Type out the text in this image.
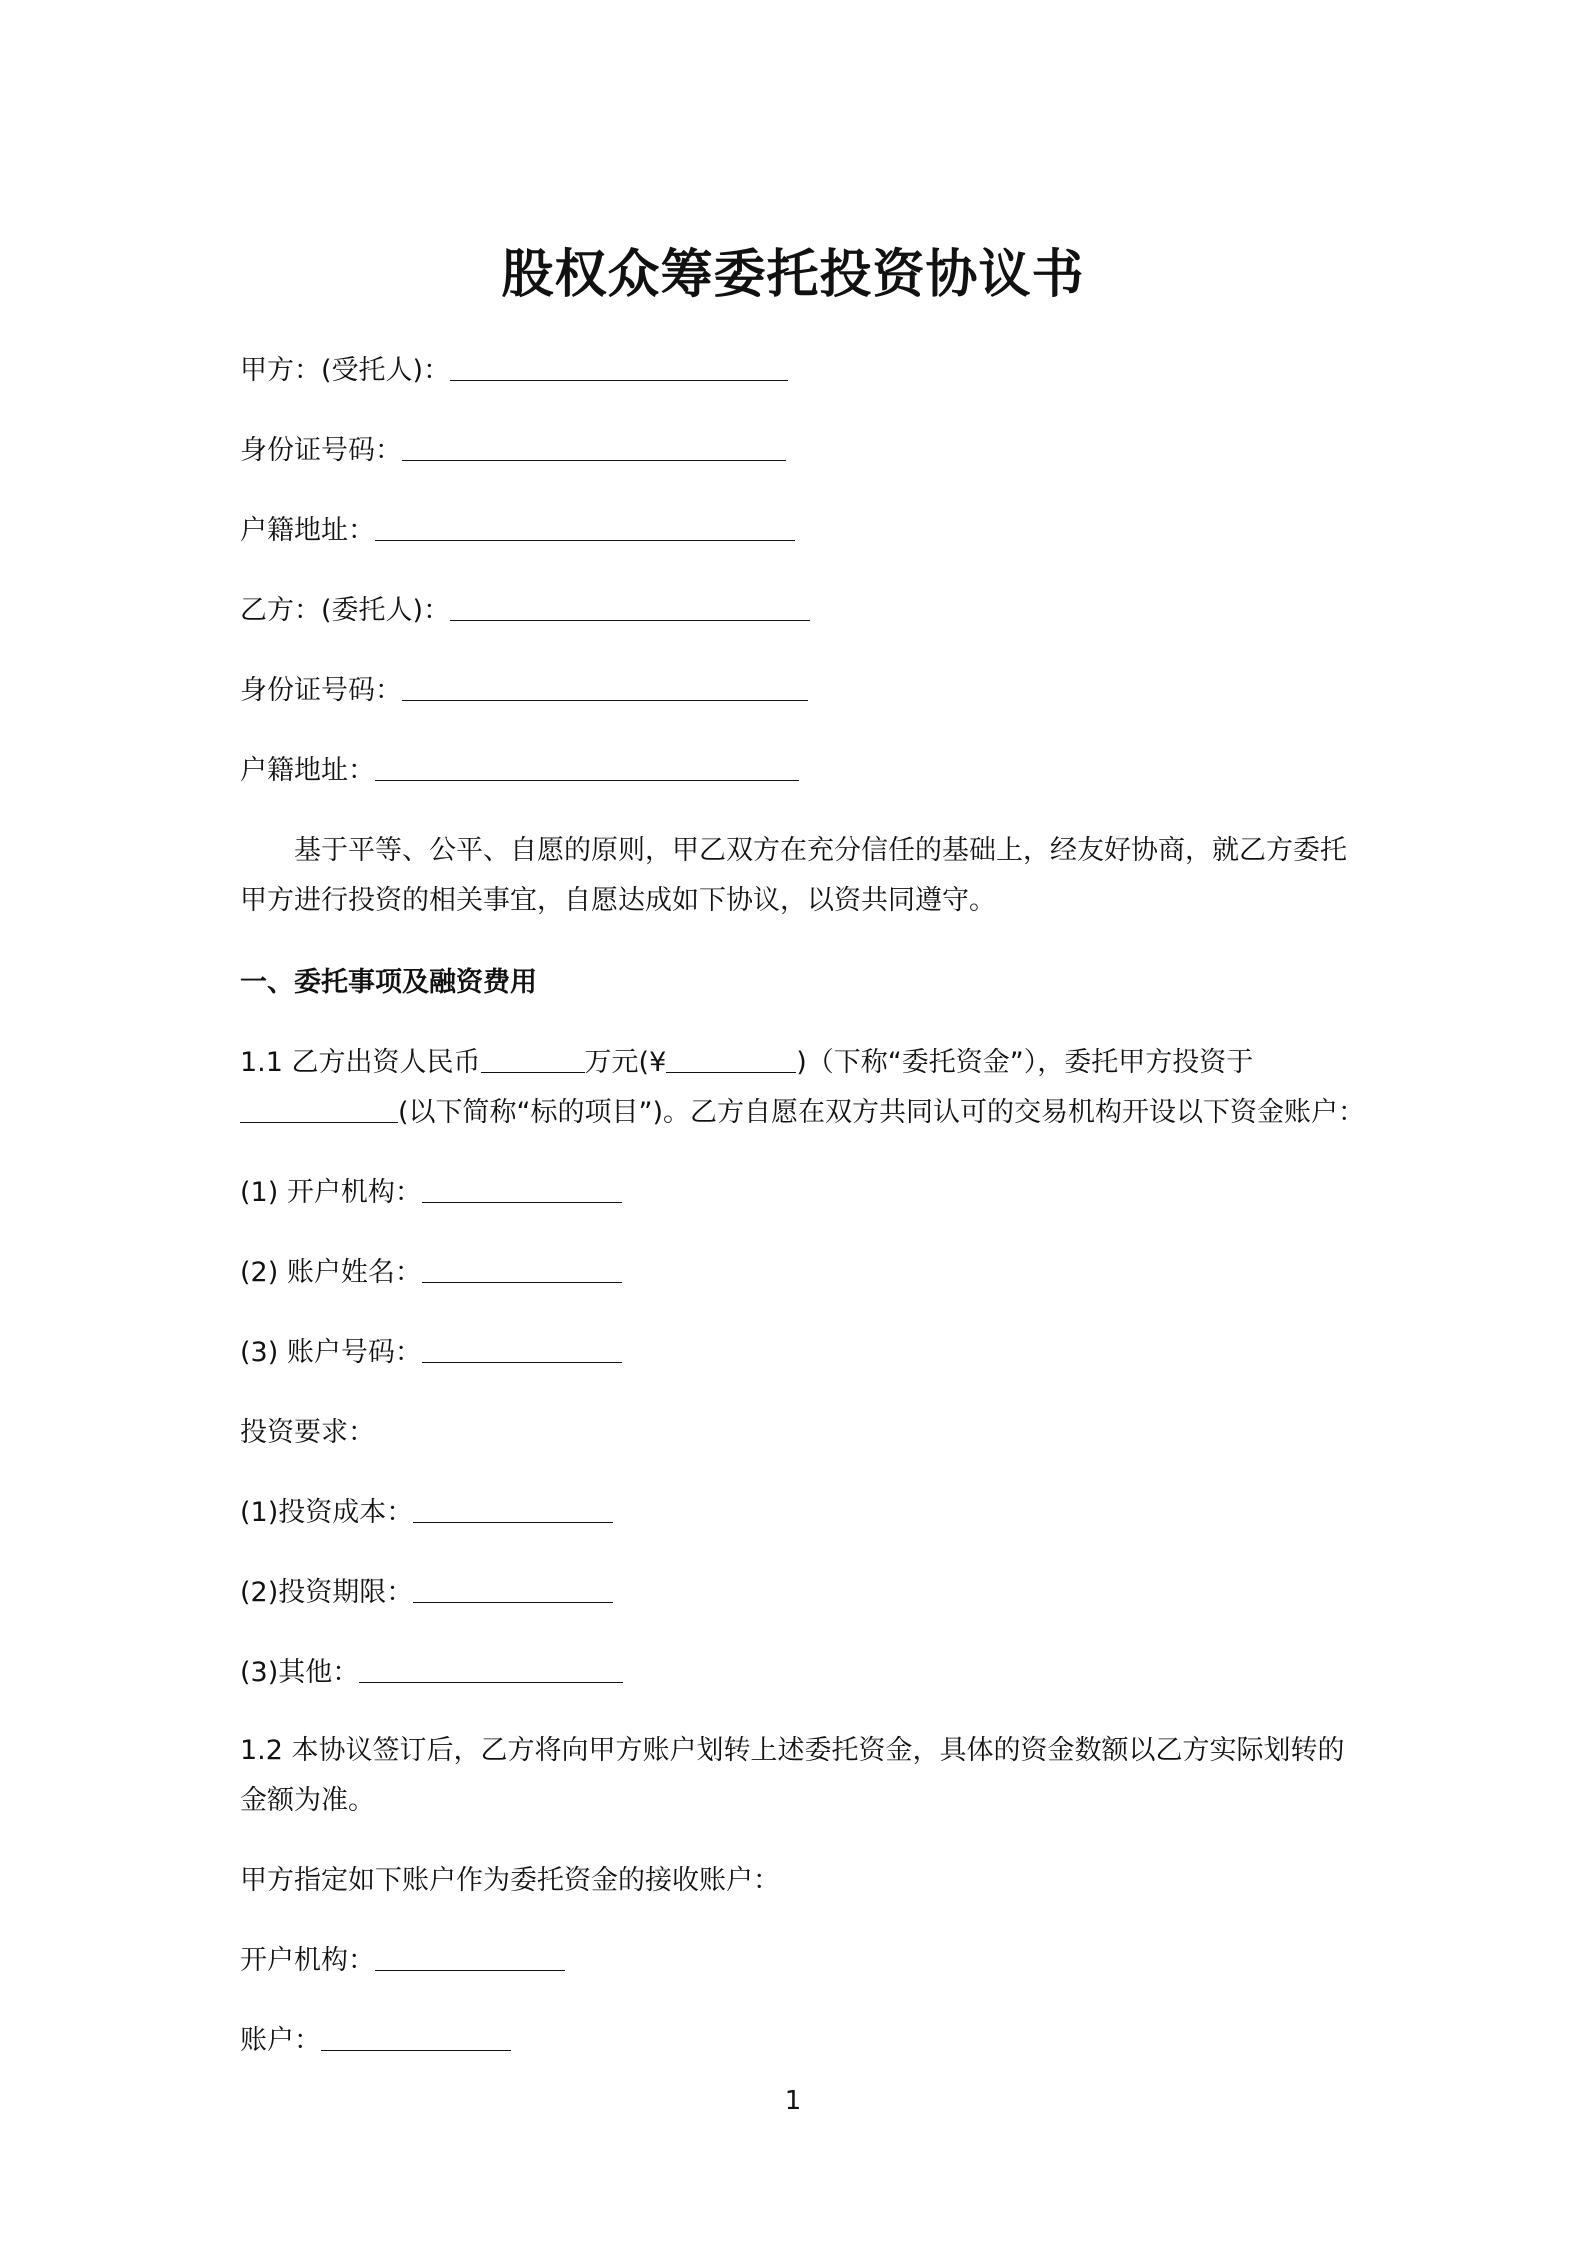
股权众筹委托投资协议书
甲方：(受托人)：
身份证号码：
户籍地址：
乙方：(委托人)：
身份证号码：
户籍地址：
基于平等、公平、自愿的原则，甲乙双方在充分信任的基础上，经友好协商，就乙方委托
甲方进行投资的相关事宜，自愿达成如下协议，以资共同遵守。
一、委托事项及融资费用
1.1 乙方出资人民币	万元(¥	)（下称“委托资金”），委托甲方投资于
(以下简称“标的项目”)。乙方自愿在双方共同认可的交易机构开设以下资金账户：
(1) 开户机构：
(2) 账户姓名：
(3) 账户号码：
投资要求：
(1)投资成本：
(2)投资期限：
(3)其他：
1.2 本协议签订后，乙方将向甲方账户划转上述委托资金，具体的资金数额以乙方实际划转的
金额为准。
甲方指定如下账户作为委托资金的接收账户：
开户机构：
账户：
1
